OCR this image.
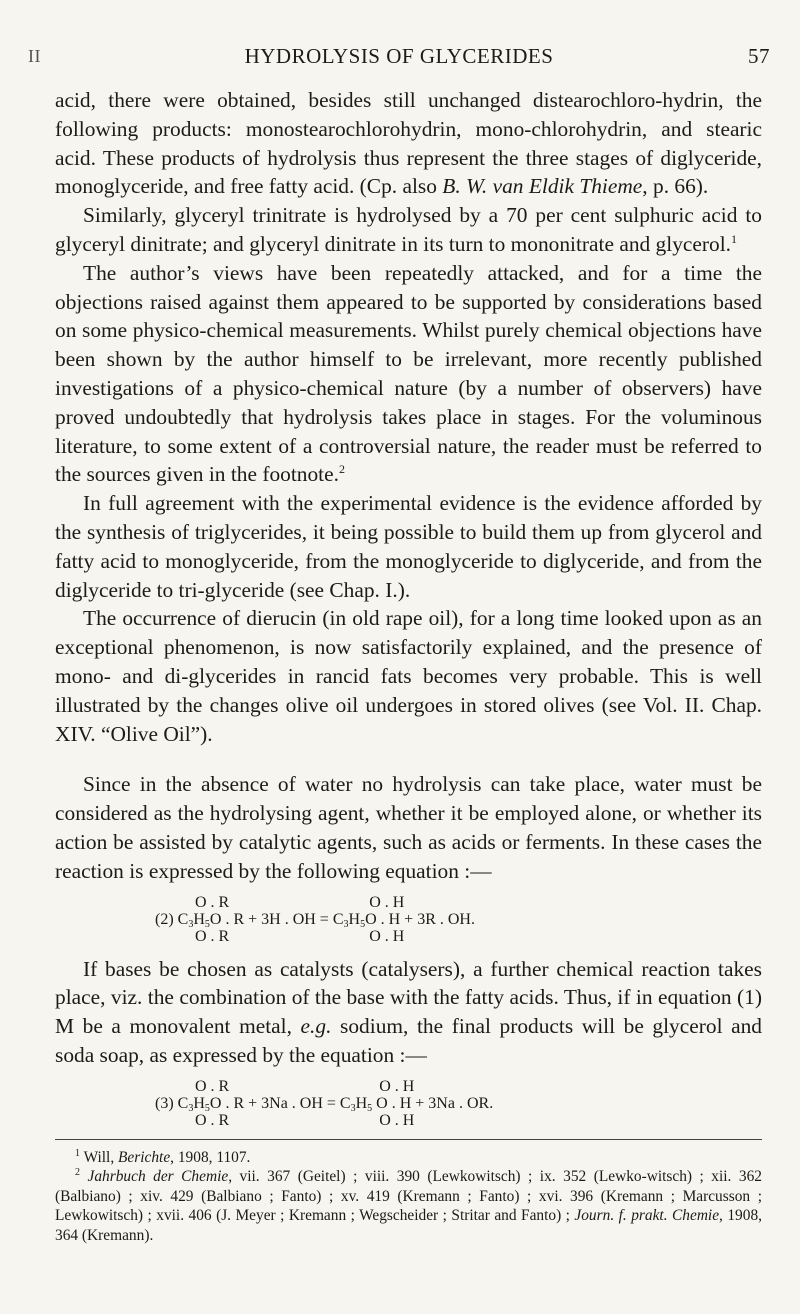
II	HYDROLYSIS OF GLYCERIDES	57

acid, there were obtained, besides still unchanged distearochloro-hydrin, the following products: monostearochlorohydrin, mono-chlorohydrin, and stearic acid. These products of hydrolysis thus represent the three stages of diglyceride, monoglyceride, and free fatty acid. (Cp. also B. W. van Eldik Thieme, p. 66).

Similarly, glyceryl trinitrate is hydrolysed by a 70 per cent sulphuric acid to glyceryl dinitrate; and glyceryl dinitrate in its turn to mononitrate and glycerol.$^1$

The author’s views have been repeatedly attacked, and for a time the objections raised against them appeared to be supported by considerations based on some physico-chemical measurements. Whilst purely chemical objections have been shown by the author himself to be irrelevant, more recently published investigations of a physico-chemical nature (by a number of observers) have proved undoubtedly that hydrolysis takes place in stages. For the voluminous literature, to some extent of a controversial nature, the reader must be referred to the sources given in the footnote.$^2$

In full agreement with the experimental evidence is the evidence afforded by the synthesis of triglycerides, it being possible to build them up from glycerol and fatty acid to monoglyceride, from the monoglyceride to diglyceride, and from the diglyceride to tri-glyceride (see Chap. I.).

The occurrence of dierucin (in old rape oil), for a long time looked upon as an exceptional phenomenon, is now satisfactorily explained, and the presence of mono- and di-glycerides in rancid fats becomes very probable. This is well illustrated by the changes olive oil undergoes in stored olives (see Vol. II. Chap. XIV. “Olive Oil”).

Since in the absence of water no hydrolysis can take place, water must be considered as the hydrolysing agent, whether it be employed alone, or whether its action be assisted by catalytic agents, such as acids or ferments. In these cases the reaction is expressed by the following equation :—

O . R	O . H
(2) $C_3H_5O$ . R + 3H . OH = $C_3H_5O$ . H + 3R . OH.
O . R	O . H

If bases be chosen as catalysts (catalysers), a further chemical reaction takes place, viz. the combination of the base with the fatty acids. Thus, if in equation (1) M be a monovalent metal, e.g. sodium, the final products will be glycerol and soda soap, as expressed by the equation :—

O . R	O . H
(3) $C_3H_5O$ . R + 3Na . OH = $C_3H_5$ O . H + 3Na . OR.
O . R	O . H

$^1$ Will, Berichte, 1908, 1107.

$^2$ Jahrbuch der Chemie, vii. 367 (Geitel) ; viii. 390 (Lewkowitsch) ; ix. 352 (Lewko-witsch) ; xii. 362 (Balbiano) ; xiv. 429 (Balbiano ; Fanto) ; xv. 419 (Kremann ; Fanto) ; xvi. 396 (Kremann ; Marcusson ; Lewkowitsch) ; xvii. 406 (J. Meyer ; Kremann ; Wegscheider ; Stritar and Fanto) ; Journ. f. prakt. Chemie, 1908, 364 (Kremann).
